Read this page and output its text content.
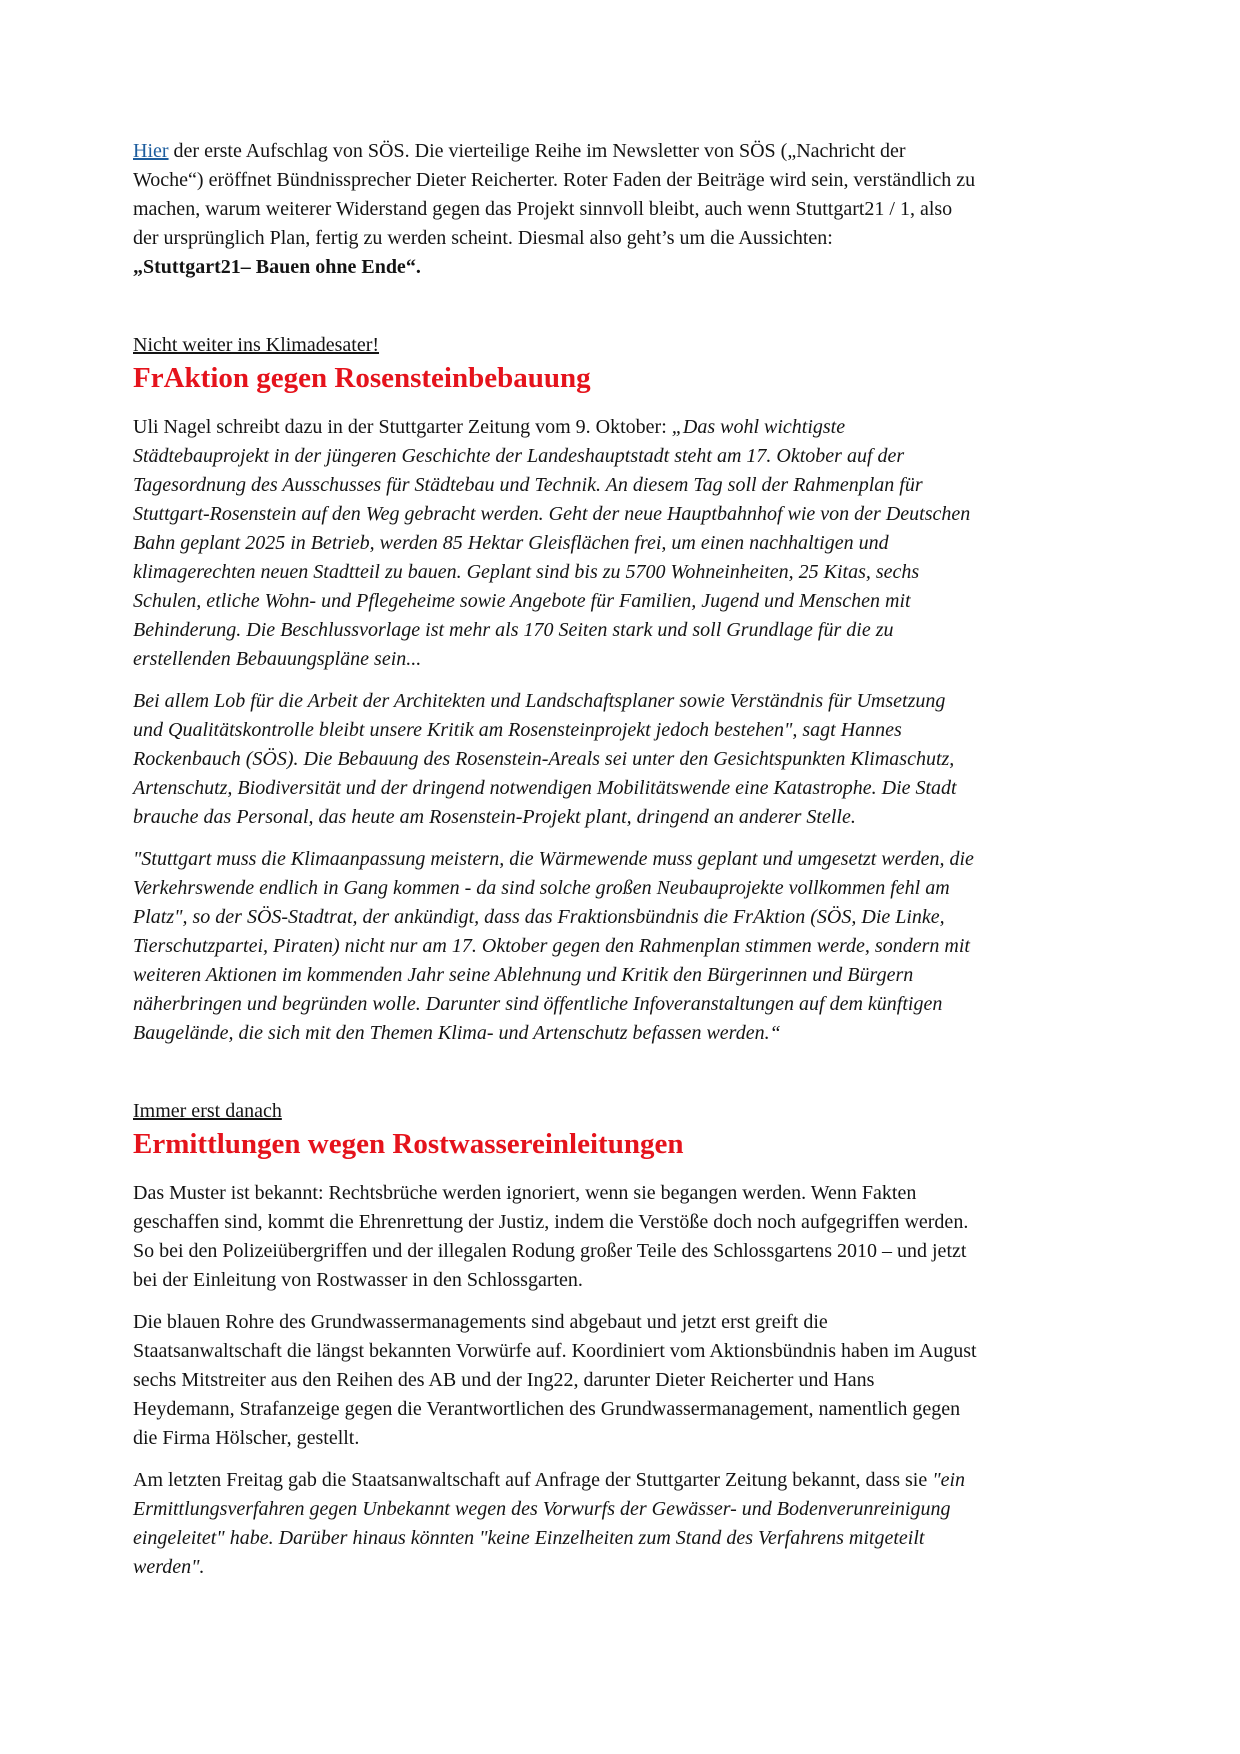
Hier der erste Aufschlag von SÖS. Die vierteilige Reihe im Newsletter von SÖS („Nachricht der Woche“) eröffnet Bündnissprecher Dieter Reicherter. Roter Faden der Beiträge wird sein, verständlich zu machen, warum weiterer Widerstand gegen das Projekt sinnvoll bleibt, auch wenn Stuttgart21 / 1, also der ursprünglich Plan, fertig zu werden scheint. Diesmal also geht’s um die Aussichten:
„Stuttgart21– Bauen ohne Ende“.

Nicht weiter ins Klimadesater!
FrAktion gegen Rosensteinbebauung

Uli Nagel schreibt dazu in der Stuttgarter Zeitung vom 9. Oktober: „Das wohl wichtigste Städtebauprojekt in der jüngeren Geschichte der Landeshauptstadt steht am 17. Oktober auf der Tagesordnung des Ausschusses für Städtebau und Technik. An diesem Tag soll der Rahmenplan für Stuttgart-Rosenstein auf den Weg gebracht werden. Geht der neue Hauptbahnhof wie von der Deutschen Bahn geplant 2025 in Betrieb, werden 85 Hektar Gleisflächen frei, um einen nachhaltigen und klimagerechten neuen Stadtteil zu bauen. Geplant sind bis zu 5700 Wohneinheiten, 25 Kitas, sechs Schulen, etliche Wohn- und Pflegeheime sowie Angebote für Familien, Jugend und Menschen mit Behinderung. Die Beschlussvorlage ist mehr als 170 Seiten stark und soll Grundlage für die zu erstellenden Bebauungspläne sein...

Bei allem Lob für die Arbeit der Architekten und Landschaftsplaner sowie Verständnis für Umsetzung und Qualitätskontrolle bleibt unsere Kritik am Rosensteinprojekt jedoch bestehen", sagt Hannes Rockenbauch (SÖS). Die Bebauung des Rosenstein-Areals sei unter den Gesichtspunkten Klimaschutz, Artenschutz, Biodiversität und der dringend notwendigen Mobilitätswende eine Katastrophe. Die Stadt brauche das Personal, das heute am Rosenstein-Projekt plant, dringend an anderer Stelle.

"Stuttgart muss die Klimaanpassung meistern, die Wärmewende muss geplant und umgesetzt werden, die Verkehrswende endlich in Gang kommen - da sind solche großen Neubauprojekte vollkommen fehl am Platz", so der SÖS-Stadtrat, der ankündigt, dass das Fraktionsbündnis die FrAktion (SÖS, Die Linke, Tierschutzpartei, Piraten) nicht nur am 17. Oktober gegen den Rahmenplan stimmen werde, sondern mit weiteren Aktionen im kommenden Jahr seine Ablehnung und Kritik den Bürgerinnen und Bürgern näherbringen und begründen wolle. Darunter sind öffentliche Infoveranstaltungen auf dem künftigen Baugelände, die sich mit den Themen Klima- und Artenschutz befassen werden.“

Immer erst danach
Ermittlungen wegen Rostwassereinleitungen

Das Muster ist bekannt: Rechtsbrüche werden ignoriert, wenn sie begangen werden. Wenn Fakten geschaffen sind, kommt die Ehrenrettung der Justiz, indem die Verstöße doch noch aufgegriffen werden. So bei den Polizeiübergriffen und der illegalen Rodung großer Teile des Schlossgartens 2010 – und jetzt bei der Einleitung von Rostwasser in den Schlossgarten.

Die blauen Rohre des Grundwassermanagements sind abgebaut und jetzt erst greift die Staatsanwaltschaft die längst bekannten Vorwürfe auf. Koordiniert vom Aktionsbündnis haben im August sechs Mitstreiter aus den Reihen des AB und der Ing22, darunter Dieter Reicherter und Hans Heydemann, Strafanzeige gegen die Verantwortlichen des Grundwassermanagement, namentlich gegen die Firma Hölscher, gestellt.

Am letzten Freitag gab die Staatsanwaltschaft auf Anfrage der Stuttgarter Zeitung bekannt, dass sie "ein Ermittlungsverfahren gegen Unbekannt wegen des Vorwurfs der Gewässer- und Bodenverunreinigung eingeleitet" habe. Darüber hinaus könnten "keine Einzelheiten zum Stand des Verfahrens mitgeteilt werden".
